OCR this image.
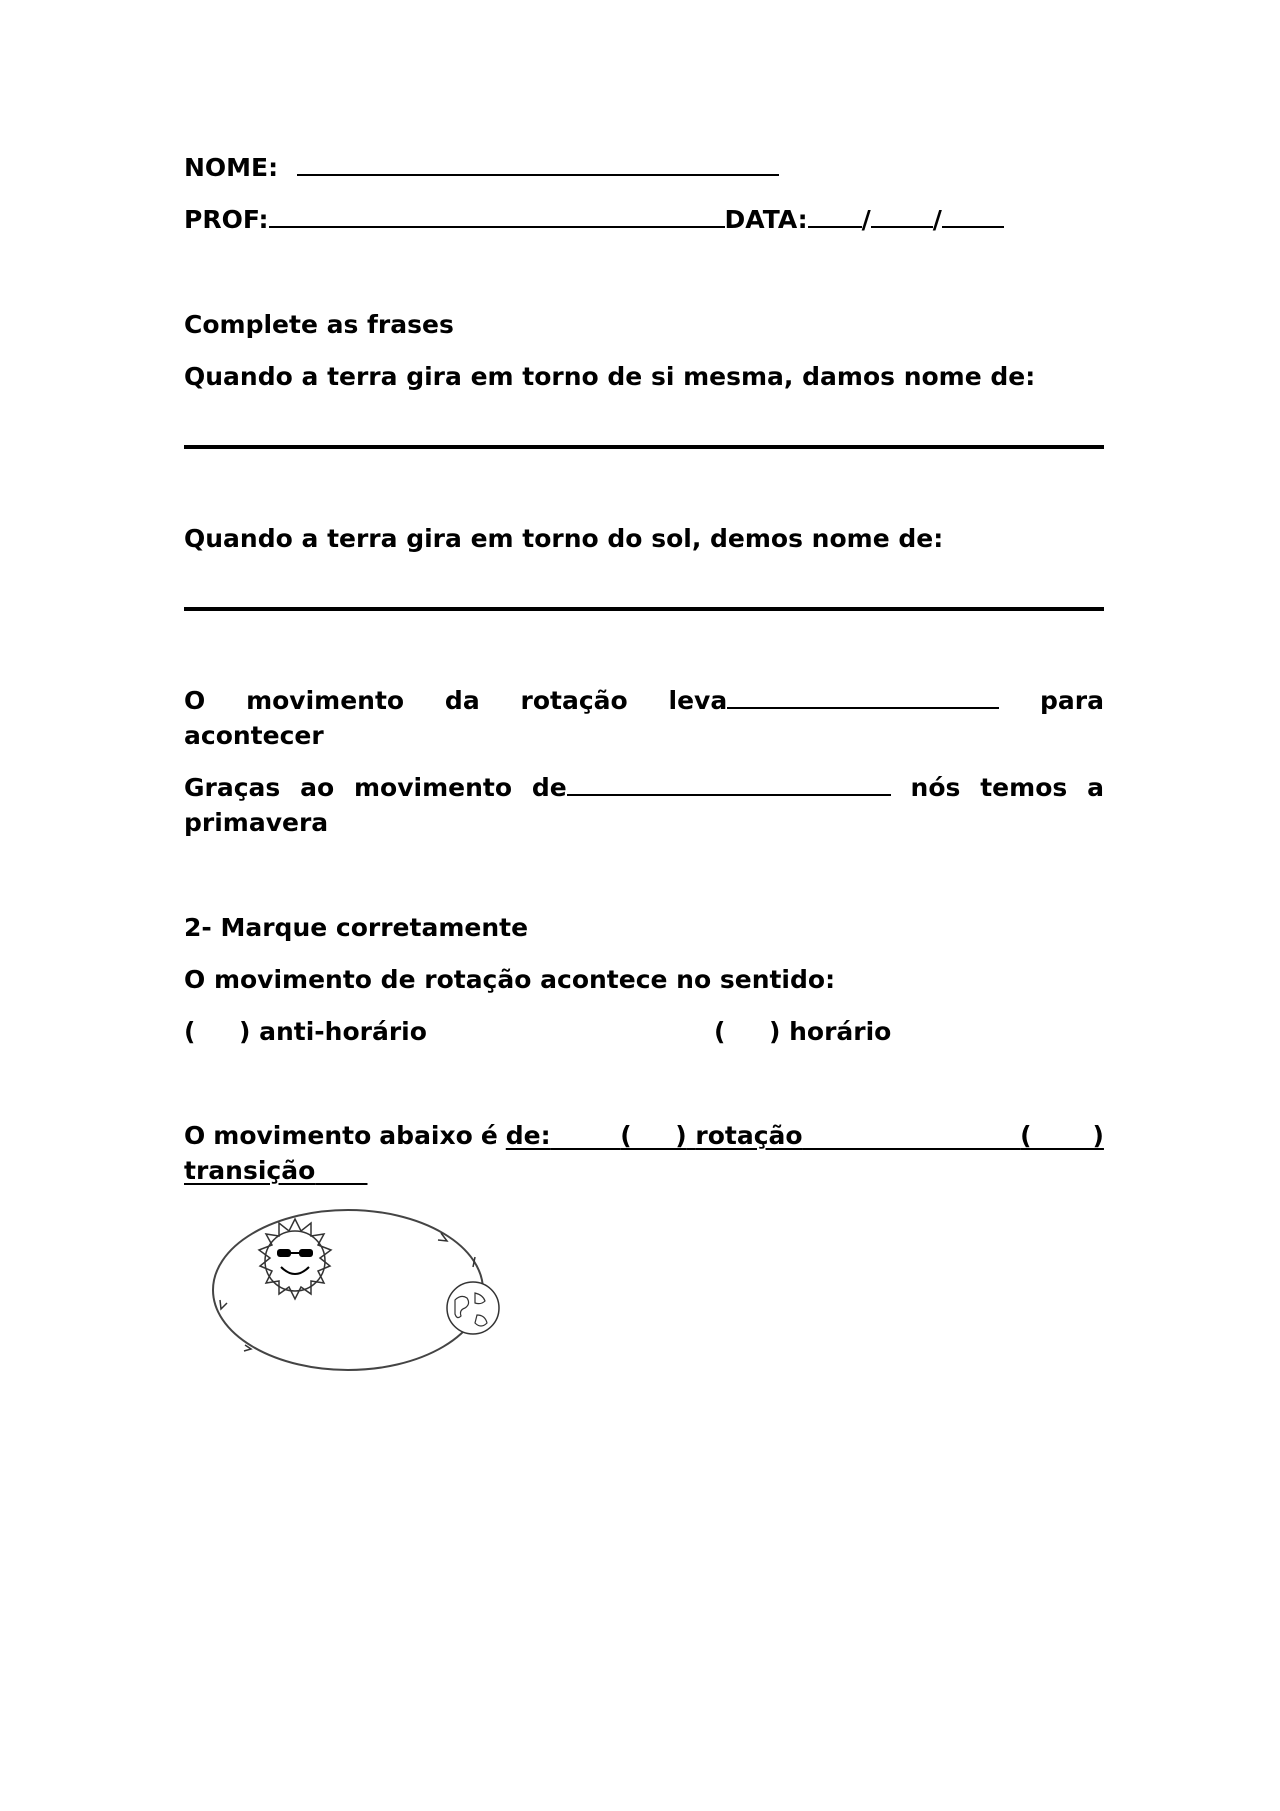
NOME:
PROF:	DATA: / /
Complete as frases
Quando a terra gira em torno de si mesma, damos nome de:
Quando a terra gira em torno do sol, demos nome de:
O movimento da rotação leva	para
acontecer
Graças ao movimento de	nós temos a
primavera
2- Marque corretamente
O movimento de rotação acontece no sentido:
(     ) anti-horário	(     ) horário
O movimento abaixo é de:	(     ) rotação	(       )
transição
